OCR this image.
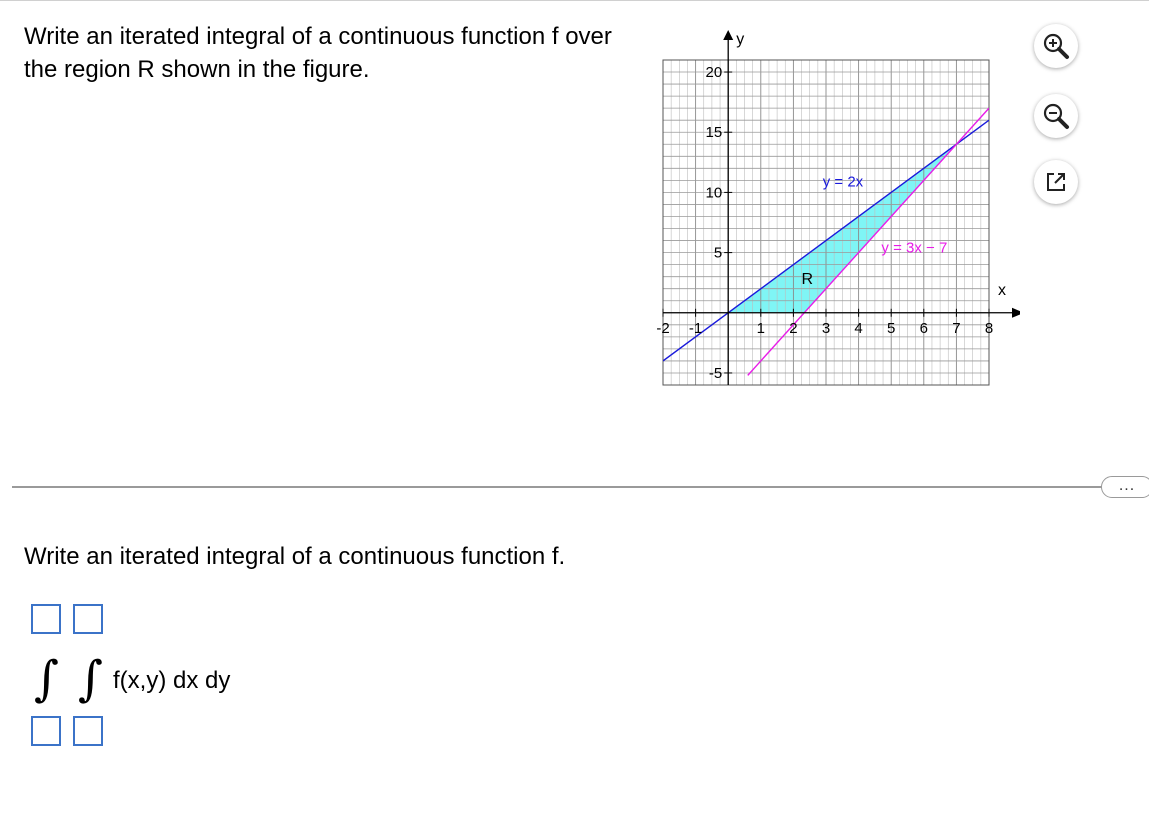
Write an iterated integral of a continuous function f over the region R shown in the figure.
y
x
-2 -1	1 2 3 4 5 6 7 8
20
15
10
5
-5
y = 2x
y = 3x − 7
R
...
Write an iterated integral of a continuous function f.
∫ ∫ f(x,y) dx dy
